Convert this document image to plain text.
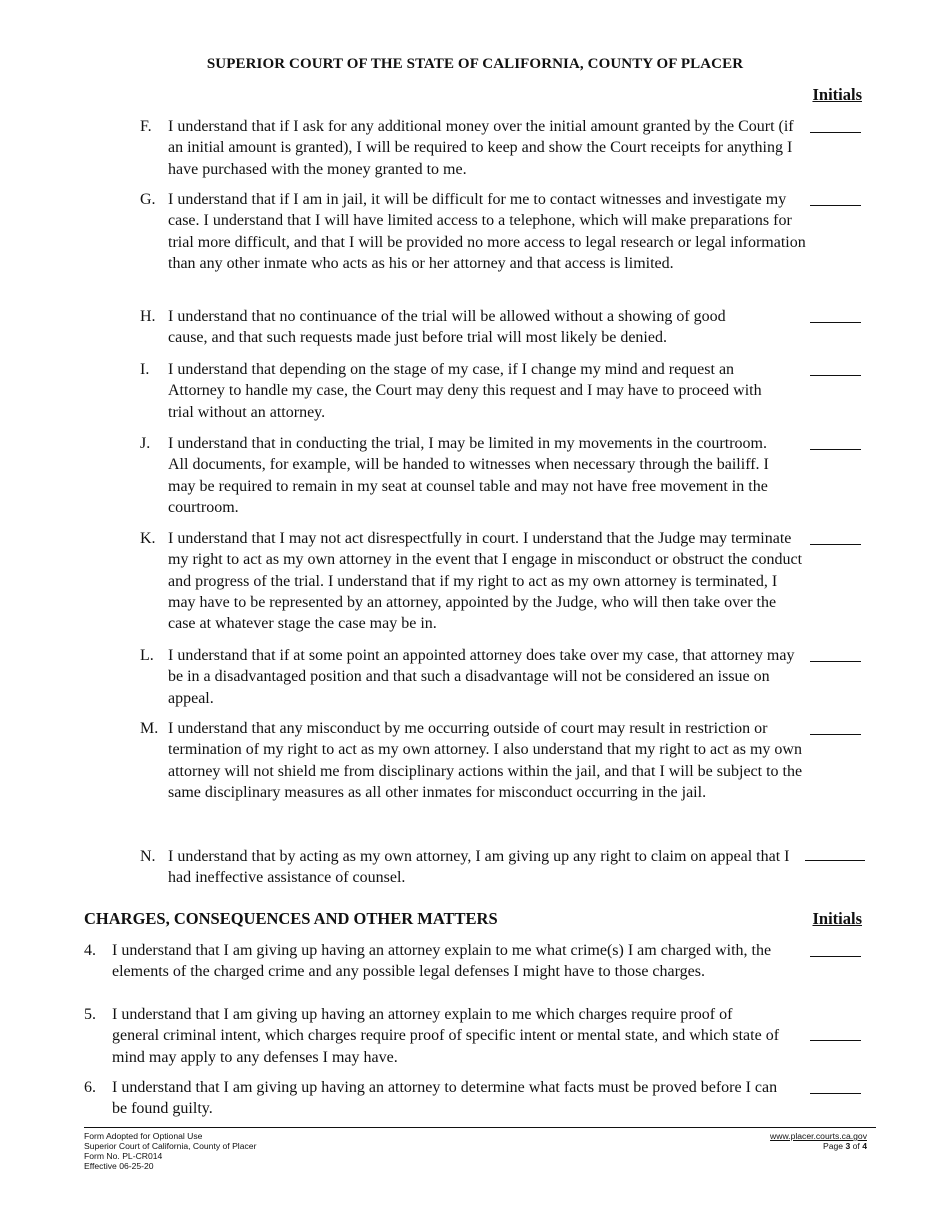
SUPERIOR COURT OF THE STATE OF CALIFORNIA, COUNTY OF PLACER
Initials
F. I understand that if I ask for any additional money over the initial amount granted by the Court (if an initial amount is granted), I will be required to keep and show the Court receipts for anything I have purchased with the money granted to me.
G. I understand that if I am in jail, it will be difficult for me to contact witnesses and investigate my case. I understand that I will have limited access to a telephone, which will make preparations for trial more difficult, and that I will be provided no more access to legal research or legal information than any other inmate who acts as his or her attorney and that access is limited.
H. I understand that no continuance of the trial will be allowed without a showing of good cause, and that such requests made just before trial will most likely be denied.
I. I understand that depending on the stage of my case, if I change my mind and request an Attorney to handle my case, the Court may deny this request and I may have to proceed with trial without an attorney.
J. I understand that in conducting the trial, I may be limited in my movements in the courtroom. All documents, for example, will be handed to witnesses when necessary through the bailiff. I may be required to remain in my seat at counsel table and may not have free movement in the courtroom.
K. I understand that I may not act disrespectfully in court. I understand that the Judge may terminate my right to act as my own attorney in the event that I engage in misconduct or obstruct the conduct and progress of the trial. I understand that if my right to act as my own attorney is terminated, I may have to be represented by an attorney, appointed by the Judge, who will then take over the case at whatever stage the case may be in.
L. I understand that if at some point an appointed attorney does take over my case, that attorney may be in a disadvantaged position and that such a disadvantage will not be considered an issue on appeal.
M. I understand that any misconduct by me occurring outside of court may result in restriction or termination of my right to act as my own attorney. I also understand that my right to act as my own attorney will not shield me from disciplinary actions within the jail, and that I will be subject to the same disciplinary measures as all other inmates for misconduct occurring in the jail.
N. I understand that by acting as my own attorney, I am giving up any right to claim on appeal that I had ineffective assistance of counsel.
CHARGES, CONSEQUENCES AND OTHER MATTERS	Initials
4. I understand that I am giving up having an attorney explain to me what crime(s) I am charged with, the elements of the charged crime and any possible legal defenses I might have to those charges.
5. I understand that I am giving up having an attorney explain to me which charges require proof of general criminal intent, which charges require proof of specific intent or mental state, and which state of mind may apply to any defenses I may have.
6. I understand that I am giving up having an attorney to determine what facts must be proved before I can be found guilty.
Form Adopted for Optional Use
Superior Court of California, County of Placer
Form No. PL-CR014
Effective 06-25-20
www.placer.courts.ca.gov
Page 3 of 4
